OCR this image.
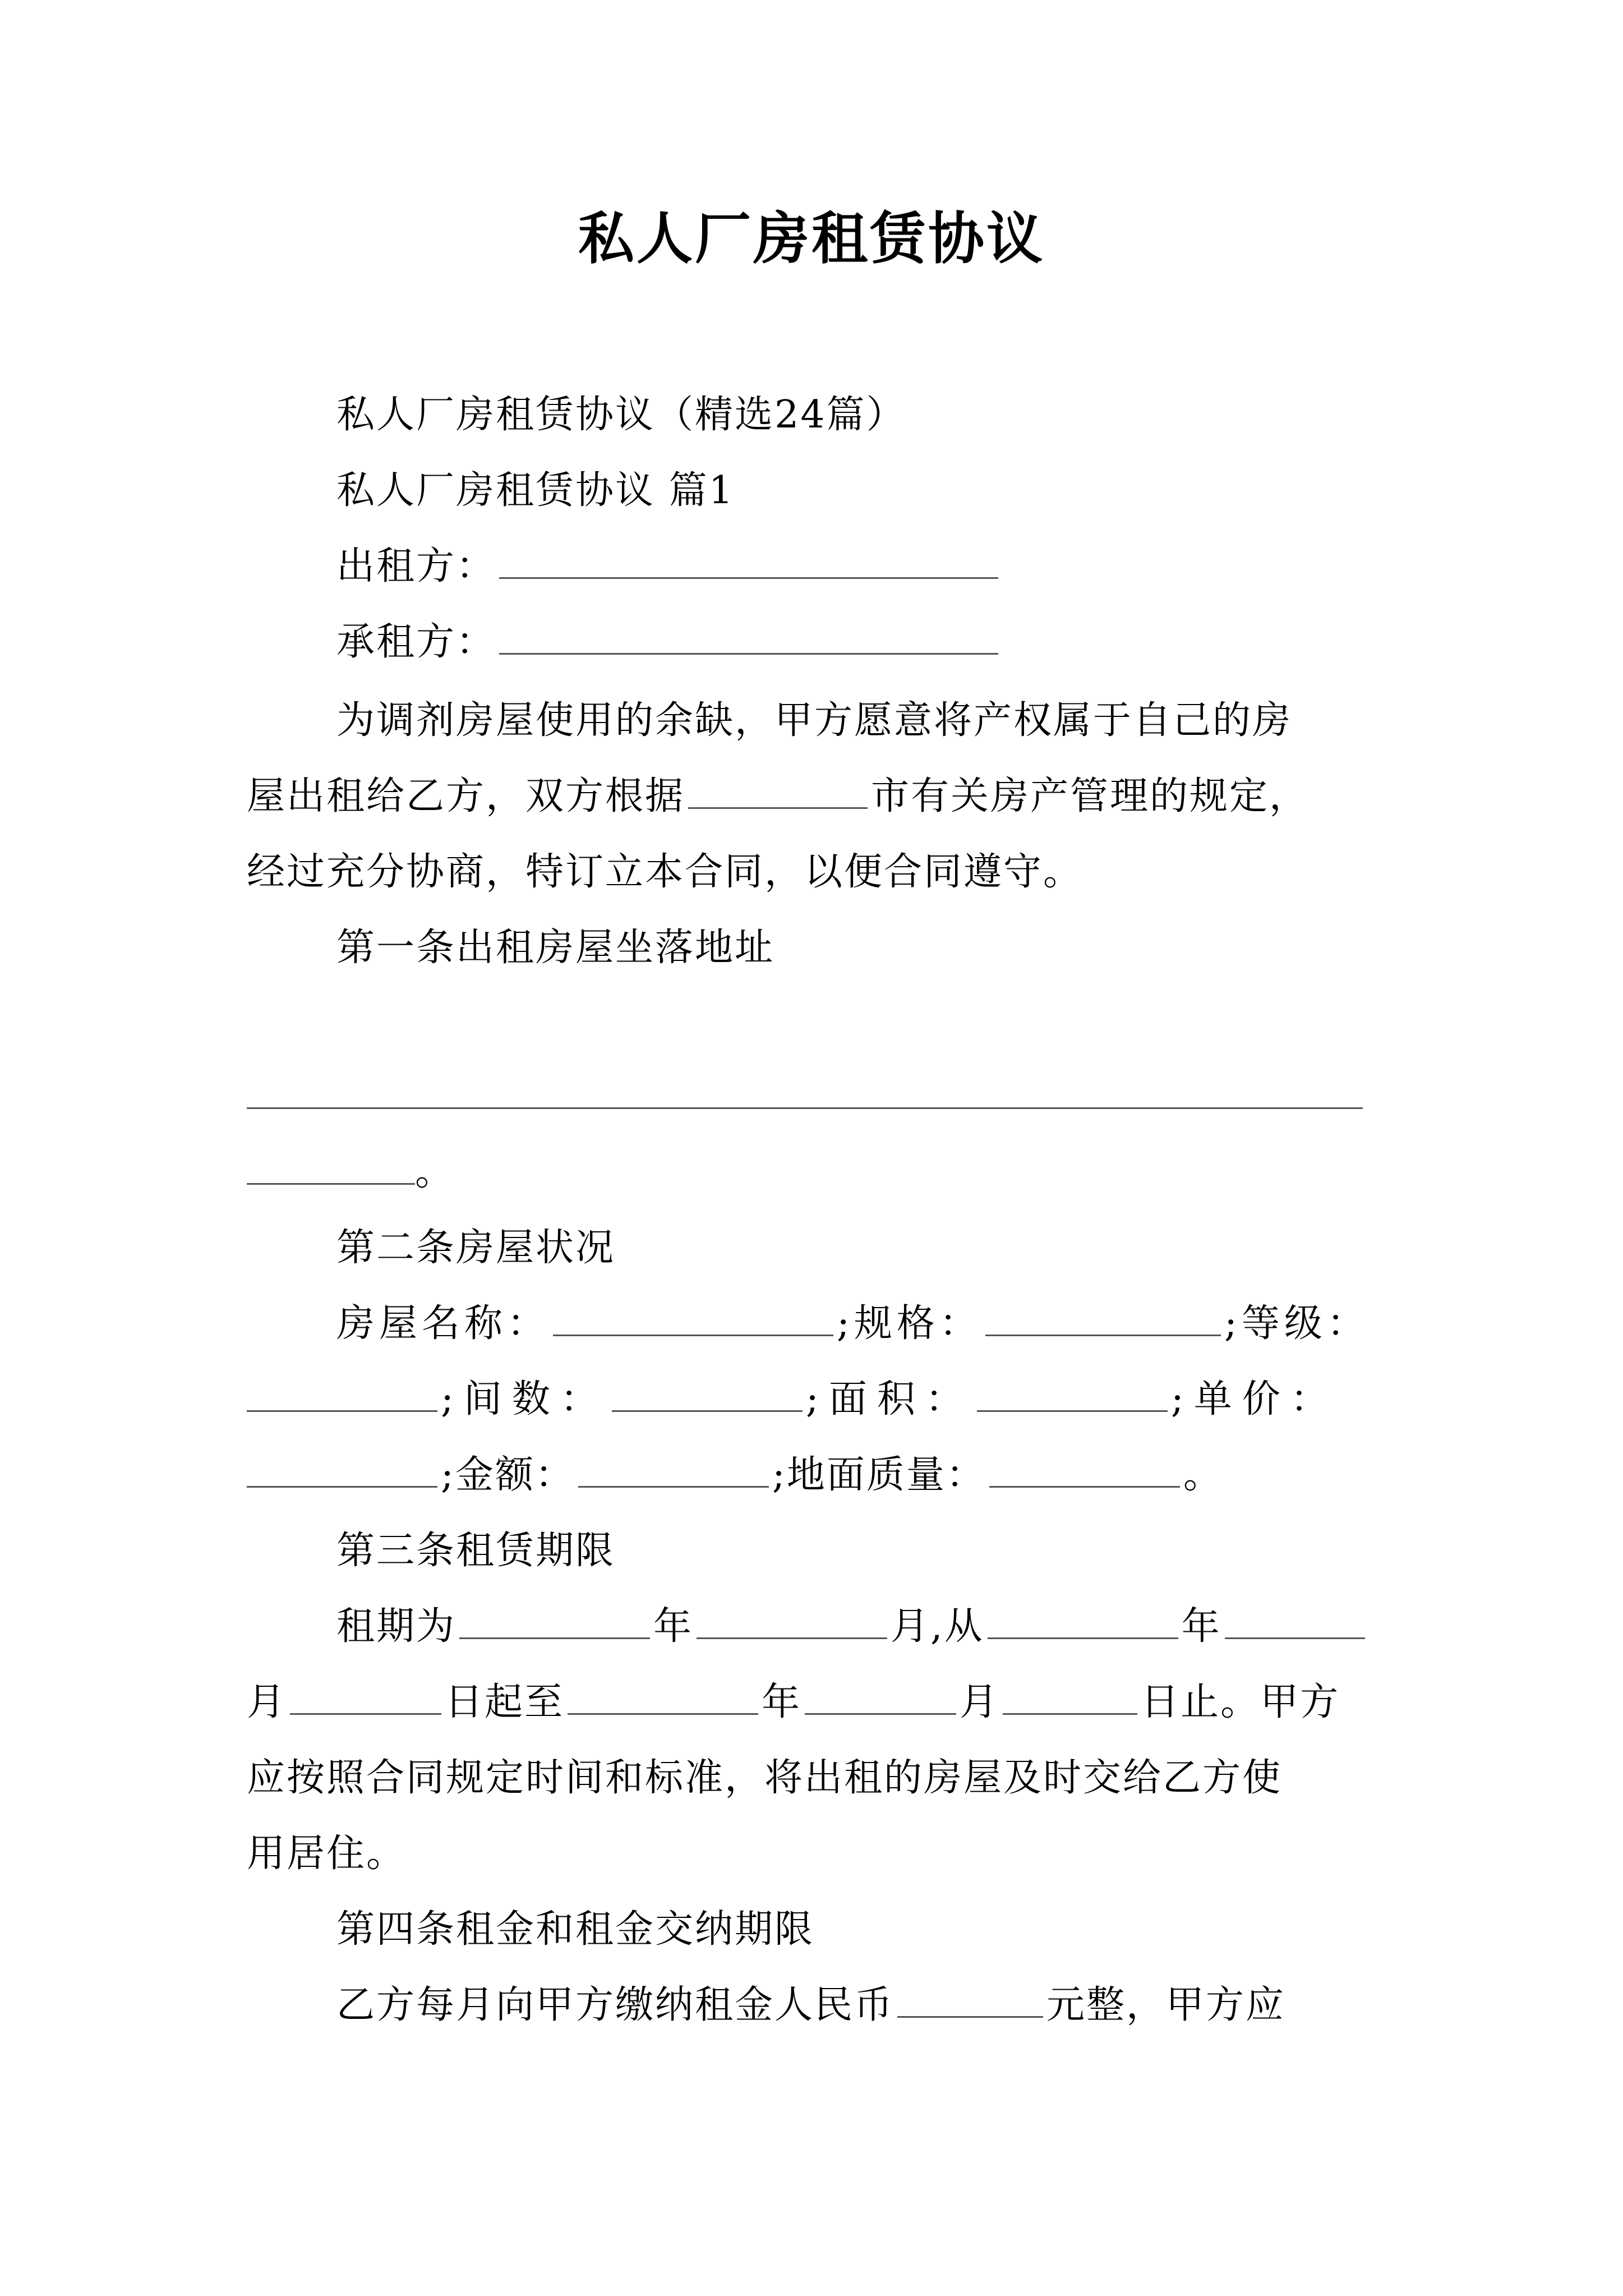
私人厂房租赁协议
私人厂房租赁协议（精选24篇）
私人厂房租赁协议 篇1
出租方：
承租方：
为调剂房屋使用的余缺，甲方愿意将产权属于自己的房
屋出租给乙方，双方根据	市有关房产管理的规定，
经过充分协商，特订立本合同，以便合同遵守。
第一条出租房屋坐落地址
。
第二条房屋状况
房屋名称：	;规格：	;等级：
;间数：	;面积：	;单价：
;金额：	;地面质量：	。
第三条租赁期限
租期为	年	月,从	年
月	日起至	年	月	日止。甲方
应按照合同规定时间和标准，将出租的房屋及时交给乙方使
用居住。
第四条租金和租金交纳期限
乙方每月向甲方缴纳租金人民币	元整，甲方应
